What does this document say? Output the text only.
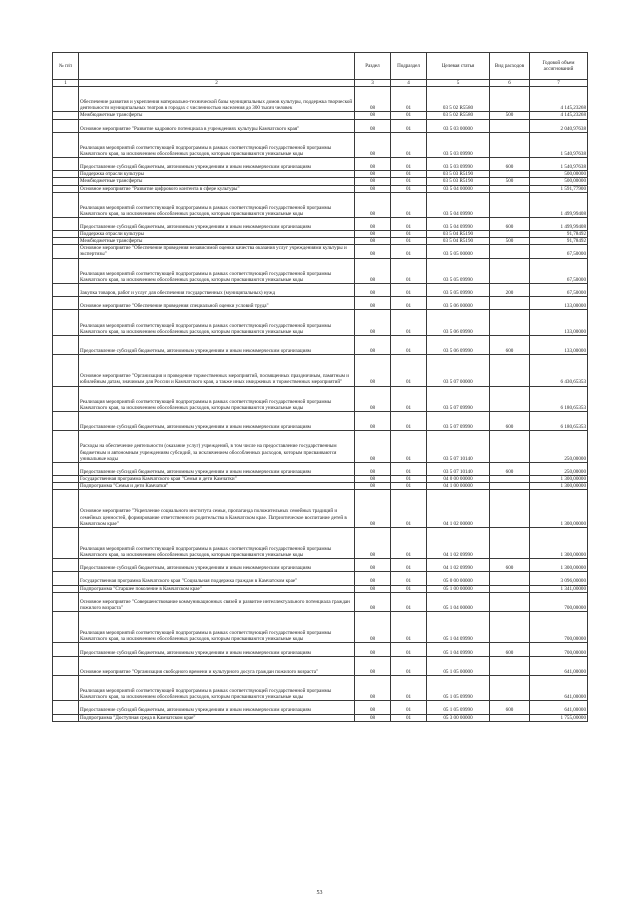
№ п/п		Раздел	Подраздел	Целевая статья	Вид расходов	Годовой объем ассигнований
1	2	3	4	5	6	7
	Обеспечение развития и укрепления материально-технической базы муниципальных домов культуры, поддержка творческой деятельности муниципальных театров в городах с численностью населения до 300 тысяч человек	08	01	03 5 02 R5580		4 145,23268
	Межбюджетные трансферты	08	01	03 5 02 R5580	500	4 145,23268
	Основное мероприятие "Развитие кадрового потенциала в учреждениях культуры Камчатского края"	08	01	03 5 03 00000		2 040,97638
	Реализация мероприятий соответствующей подпрограммы в рамках соответствующей государственной программы Камчатского края, за исключением обособленных расходов, которым присваиваются уникальные коды	08	01	03 5 03 09990		1 540,97638
	Предоставление субсидий бюджетным, автономным учреждениям и иным некоммерческим организациям	08	01	03 5 03 09990	600	1 540,97638
	Поддержка отрасли культуры	08	01	03 5 03 R5190		500,00000
	Межбюджетные трансферты	08	01	03 5 03 R5190	500	500,00000
	Основное мероприятие "Развитие цифрового контента в сфере культуры"	08	01	03 5 04 00000		1 591,77900
	Реализация мероприятий соответствующей подпрограммы в рамках соответствующей государственной программы Камчатского края, за исключением обособленных расходов, которым присваиваются уникальные коды	08	01	03 5 04 09990		1 499,99408
	Предоставление субсидий бюджетным, автономным учреждениям и иным некоммерческим организациям	08	01	03 5 04 09990	600	1 499,99408
	Поддержка отрасли культуры	08	01	03 5 04 R5190		91,78492
	Межбюджетные трансферты	08	01	03 5 04 R5190	500	91,78492
	Основное мероприятие "Обеспечение проведения независимой оценки качества оказания услуг учреждениями культуры и экспертизы"	08	01	03 5 05 00000		67,50000
	Реализация мероприятий соответствующей подпрограммы в рамках соответствующей государственной программы Камчатского края, за исключением обособленных расходов, которым присваиваются уникальные коды	08	01	03 5 05 09990		67,50000
	Закупка товаров, работ и услуг для обеспечения государственных (муниципальных) нужд	08	01	03 5 05 09990	200	67,50000
	Основное мероприятие "Обеспечение проведения специальной оценки условий труда"	08	01	03 5 06 00000		133,00000
	Реализация мероприятий соответствующей подпрограммы в рамках соответствующей государственной программы Камчатского края, за исключением обособленных расходов, которым присваиваются уникальные коды	08	01	03 5 06 09990		133,00000
	Предоставление субсидий бюджетным, автономным учреждениям и иным некоммерческим организациям	08	01	03 5 06 09990	600	133,00000
	Основное мероприятие "Организация и проведение торжественных мероприятий, посвященных праздничным, памятным и юбилейным датам, значимым для России и Камчатского края, а также иных имиджевых и торжественных мероприятий"	08	01	03 5 07 00000		6 430,65353
	Реализация мероприятий соответствующей подпрограммы в рамках соответствующей государственной программы Камчатского края, за исключением обособленных расходов, которым присваиваются уникальные коды	08	01	03 5 07 09990		6 180,65353
	Предоставление субсидий бюджетным, автономным учреждениям и иным некоммерческим организациям	08	01	03 5 07 09990	600	6 180,65353
	Расходы на обеспечение деятельности (оказание услуг) учреждений, в том числе на предоставление государственным бюджетным и автономным учреждениям субсидий, за исключением обособленных расходов, которым присваиваются уникальные коды	08	01	03 5 07 10140		250,00000
	Предоставление субсидий бюджетным, автономным учреждениям и иным некоммерческим организациям	08	01	03 5 07 10140	600	250,00000
	Государственная программа Камчатского края "Семья и дети Камчатки"	08	01	04 0 00 00000		1 300,00000
	Подпрограмма "Семья и дети Камчатки"	08	01	04 1 00 00000		1 300,00000
	Основное мероприятие "Укрепление социального института семьи, пропаганда положительных семейных традиций и семейных ценностей, формирование ответственного родительства в Камчатском крае. Патриотическое воспитание детей в Камчатском крае"	08	01	04 1 02 00000		1 300,00000
	Реализация мероприятий соответствующей подпрограммы в рамках соответствующей государственной программы Камчатского края, за исключением обособленных расходов, которым присваиваются уникальные коды	08	01	04 1 02 09990		1 300,00000
	Предоставление субсидий бюджетным, автономным учреждениям и иным некоммерческим организациям	08	01	04 1 02 09990	600	1 300,00000
	Государственная программа Камчатского края "Социальная поддержка граждан в Камчатском крае"	08	01	05 0 00 00000		3 096,00000
	Подпрограмма "Старшее поколение в Камчатском крае"	08	01	05 1 00 00000		1 341,00000
	Основное мероприятие "Совершенствование коммуникационных связей и развитие интеллектуального потенциала граждан пожилого возраста"	08	01	05 1 04 00000		700,00000
	Реализация мероприятий соответствующей подпрограммы в рамках соответствующей государственной программы Камчатского края, за исключением обособленных расходов, которым присваиваются уникальные коды	08	01	05 1 04 09990		700,00000
	Предоставление субсидий бюджетным, автономным учреждениям и иным некоммерческим организациям	08	01	05 1 04 09990	600	700,00000
	Основное мероприятие "Организация свободного времени и культурного досуга граждан пожилого возраста"	08	01	05 1 05 00000		641,00000
	Реализация мероприятий соответствующей подпрограммы в рамках соответствующей государственной программы Камчатского края, за исключением обособленных расходов, которым присваиваются уникальные коды	08	01	05 1 05 09990		641,00000
	Предоставление субсидий бюджетным, автономным учреждениям и иным некоммерческим организациям	08	01	05 1 05 09990	600	641,00000
	Подпрограмма "Доступная среда в Камчатском крае"	08	01	05 3 00 00000		1 755,00000
53
